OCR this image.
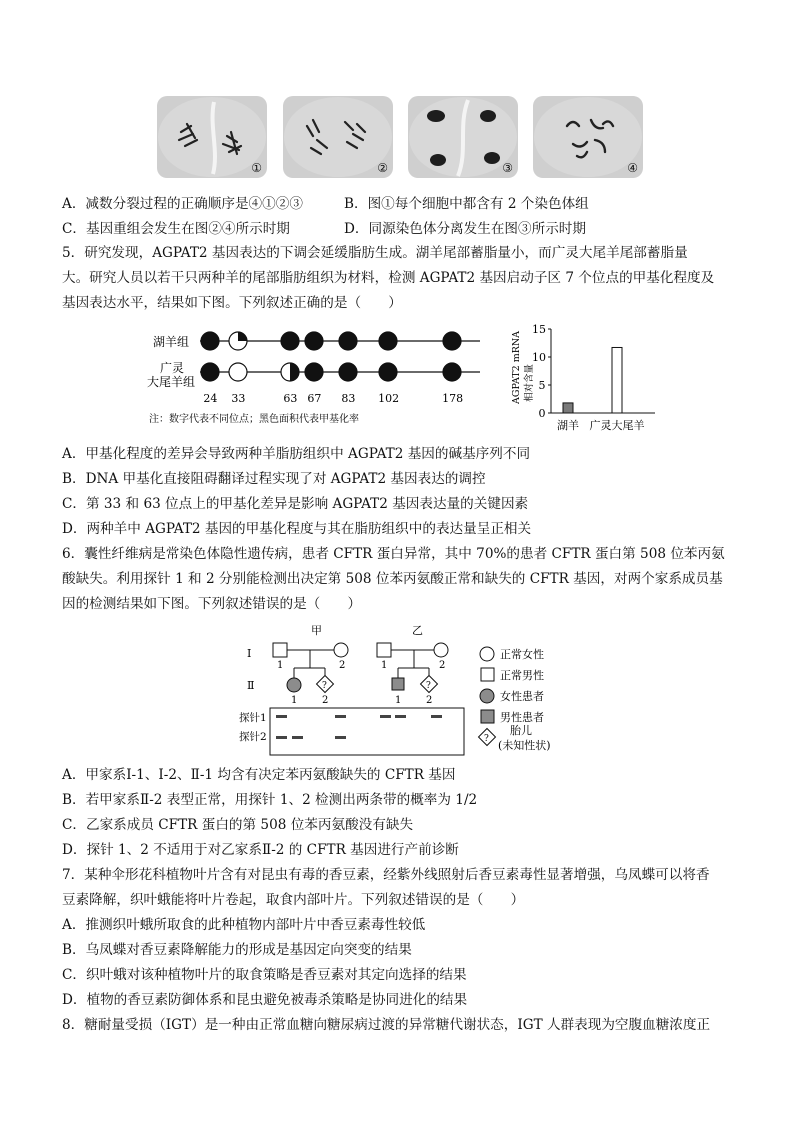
①	②	③	④
A．减数分裂过程的正确顺序是④①②③	B．图①每个细胞中都含有 2 个染色体组
C．基因重组会发生在图②④所示时期	D．同源染色体分离发生在图③所示时期
5．研究发现，AGPAT2 基因表达的下调会延缓脂肪生成。湖羊尾部蓄脂量小，而广灵大尾羊尾部蓄脂量
大。研究人员以若干只两种羊的尾部脂肪组织为材料，检测 AGPAT2 基因启动子区 7 个位点的甲基化程度及
基因表达水平，结果如下图。下列叙述正确的是（　　）
湖羊组
广灵
大尾羊组
24 33	63 67 83 102	178
注：数字代表不同位点；黑色面积代表甲基化率
AGPAT2 mRNA 相对含量
0
5
10
15
湖羊 广灵大尾羊
A．甲基化程度的差异会导致两种羊脂肪组织中 AGPAT2 基因的碱基序列不同
B．DNA 甲基化直接阻碍翻译过程实现了对 AGPAT2 基因表达的调控
C．第 33 和 63 位点上的甲基化差异是影响 AGPAT2 基因表达量的关键因素
D．两种羊中 AGPAT2 基因的甲基化程度与其在脂肪组织中的表达量呈正相关
6．囊性纤维病是常染色体隐性遗传病，患者 CFTR 蛋白异常，其中 70%的患者 CFTR 蛋白第 508 位苯丙氨
酸缺失。利用探针 1 和 2 分别能检测出决定第 508 位苯丙氨酸正常和缺失的 CFTR 基因，对两个家系成员基
因的检测结果如下图。下列叙述错误的是（　　）
甲	乙
Ⅰ
Ⅱ	?
1	2
1 2
?
1	2
1 2
探针1
探针2
正常女性
正常男性
女性患者
男性患者
?
胎儿
(未知性状)
A．甲家系Ⅰ-1、Ⅰ-2、Ⅱ-1 均含有决定苯丙氨酸缺失的 CFTR 基因
B．若甲家系Ⅱ-2 表型正常，用探针 1、2 检测出两条带的概率为 1/2
C．乙家系成员 CFTR 蛋白的第 508 位苯丙氨酸没有缺失
D．探针 1、2 不适用于对乙家系Ⅱ-2 的 CFTR 基因进行产前诊断
7．某种伞形花科植物叶片含有对昆虫有毒的香豆素，经紫外线照射后香豆素毒性显著增强，乌凤蝶可以将香
豆素降解，织叶蛾能将叶片卷起，取食内部叶片。下列叙述错误的是（　　）
A．推测织叶蛾所取食的此种植物内部叶片中香豆素毒性较低
B．乌凤蝶对香豆素降解能力的形成是基因定向突变的结果
C．织叶蛾对该种植物叶片的取食策略是香豆素对其定向选择的结果
D．植物的香豆素防御体系和昆虫避免被毒杀策略是协同进化的结果
8．糖耐量受损（IGT）是一种由正常血糖向糖尿病过渡的异常糖代谢状态，IGT 人群表现为空腹血糖浓度正
